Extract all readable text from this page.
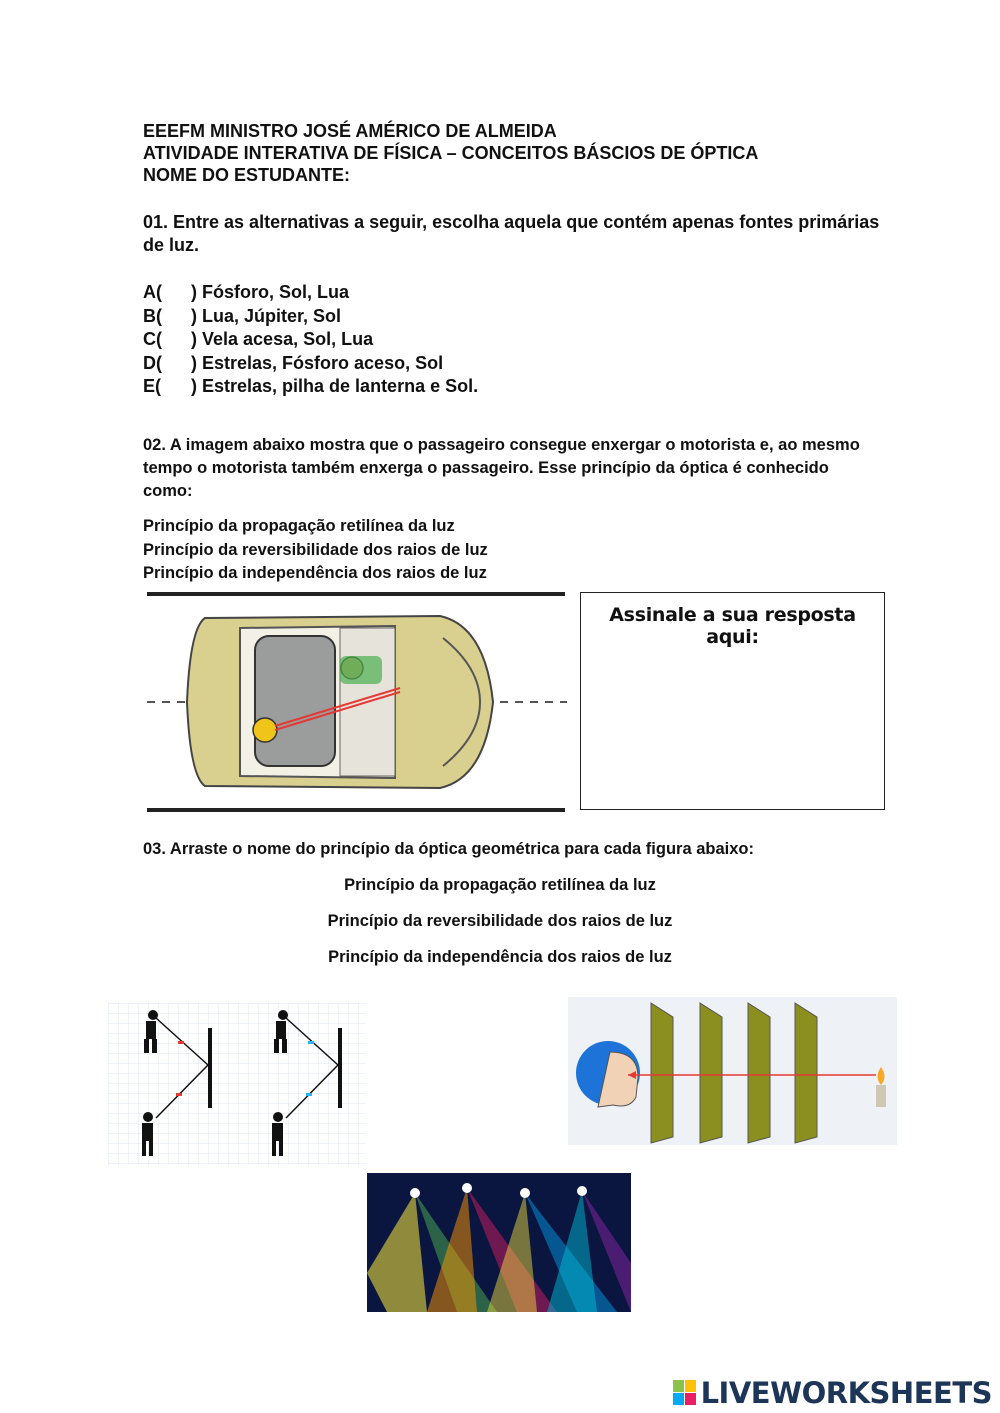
EEEFM MINISTRO JOSÉ AMÉRICO DE ALMEIDA
ATIVIDADE INTERATIVA DE FÍSICA – CONCEITOS BÁSCIOS DE ÓPTICA
NOME DO ESTUDANTE:
01. Entre as alternativas a seguir, escolha aquela que contém apenas fontes primárias de luz.
A(	) Fósforo, Sol, Lua
B(	) Lua, Júpiter, Sol
C(	) Vela acesa, Sol, Lua
D(	) Estrelas, Fósforo aceso, Sol
E(	) Estrelas, pilha de lanterna e Sol.
02. A imagem abaixo mostra que o passageiro consegue enxergar o motorista e, ao mesmo tempo o motorista também enxerga o passageiro. Esse princípio da óptica é conhecido como:
Princípio da propagação retilínea da luz
Princípio da reversibilidade dos raios de luz
Princípio da independência dos raios de luz
Assinale a sua resposta aqui:
03. Arraste o nome do princípio da óptica geométrica para cada figura abaixo:
Princípio da propagação retilínea da luz
Princípio da reversibilidade dos raios de luz
Princípio da independência dos raios de luz
LIVEWORKSHEETS
